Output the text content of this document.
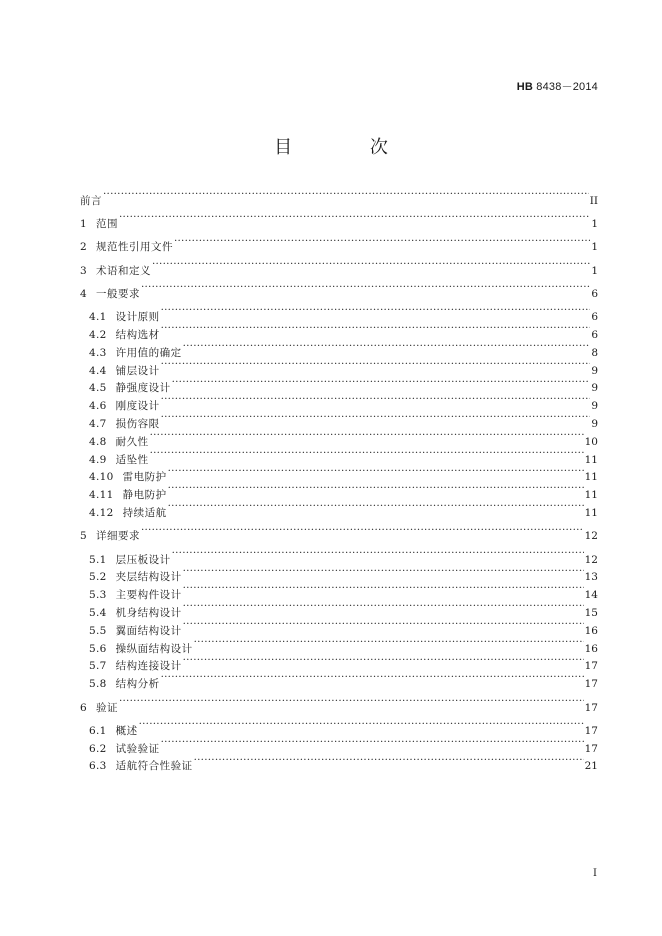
HB 8438－2014
目 次
前言 ·····	II
1 范围 ·····	1
2 规范性引用文件 ·····	1
3 术语和定义 ·····	1
4 一般要求 ·····	6
4.1 设计原则 ·····	6
4.2 结构选材 ·····	6
4.3 许用值的确定 ·····	8
4.4 铺层设计 ·····	9
4.5 静强度设计 ·····	9
4.6 刚度设计 ·····	9
4.7 损伤容限 ·····	9
4.8 耐久性 ·····	10
4.9 适坠性 ·····	11
4.10 雷电防护 ·····	11
4.11 静电防护 ·····	11
4.12 持续适航 ·····	11
5 详细要求 ·····	12
5.1 层压板设计 ·····	12
5.2 夹层结构设计 ·····	13
5.3 主要构件设计 ·····	14
5.4 机身结构设计 ·····	15
5.5 翼面结构设计 ·····	16
5.6 操纵面结构设计 ·····	16
5.7 结构连接设计 ·····	17
5.8 结构分析 ·····	17
6 验证 ·····	17
6.1 概述 ·····	17
6.2 试验验证 ·····	17
6.3 适航符合性验证 ·····	21
I
